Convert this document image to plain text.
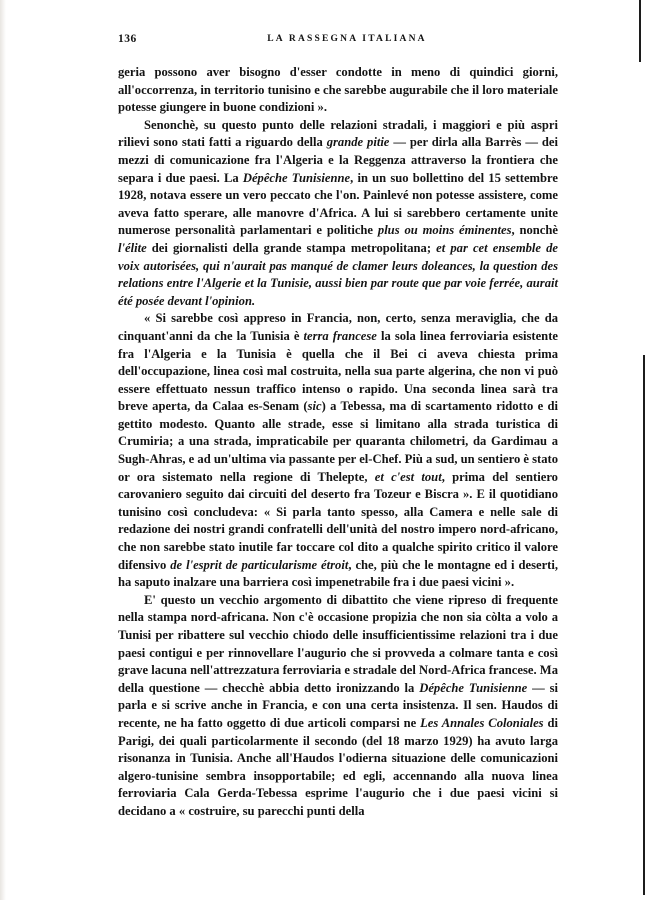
136	LA RASSEGNA ITALIANA

geria possono aver bisogno d'esser condotte in meno di quindici giorni, all'occorrenza, in territorio tunisino e che sarebbe augurabile che il loro materiale potesse giungere in buone condizioni ».

Senonchè, su questo punto delle relazioni stradali, i maggiori e più aspri rilievi sono stati fatti a riguardo della grande pitie — per dirla alla Barrès — dei mezzi di comunicazione fra l'Algeria e la Reggenza attraverso la frontiera che separa i due paesi. La Dépêche Tunisienne, in un suo bollettino del 15 settembre 1928, notava essere un vero peccato che l'on. Painlevé non potesse assistere, come aveva fatto sperare, alle manovre d'Africa. A lui si sarebbero certamente unite numerose personalità parlamentari e politiche plus ou moins éminentes, nonchè l'élite dei giornalisti della grande stampa metropolitana; et par cet ensemble de voix autorisées, qui n'aurait pas manqué de clamer leurs doleances, la question des relations entre l'Algerie et la Tunisie, aussi bien par route que par voie ferrée, aurait été posée devant l'opinion.

« Si sarebbe così appreso in Francia, non, certo, senza meraviglia, che da cinquant'anni da che la Tunisia è terra francese la sola linea ferroviaria esistente fra l'Algeria e la Tunisia è quella che il Bei ci aveva chiesta prima dell'occupazione, linea così mal costruita, nella sua parte algerina, che non vi può essere effettuato nessun traffico intenso o rapido. Una seconda linea sarà tra breve aperta, da Calaa es-Senam (sic) a Tebessa, ma di scartamento ridotto e di gettito modesto. Quanto alle strade, esse si limitano alla strada turistica di Crumiria; a una strada, impraticabile per quaranta chilometri, da Gardimau a Sugh-Ahras, e ad un'ultima via passante per el-Chef. Più a sud, un sentiero è stato or ora sistemato nella regione di Thelepte, et c'est tout, prima del sentiero carovaniero seguito dai circuiti del deserto fra Tozeur e Biscra ». E il quotidiano tunisino così concludeva: « Si parla tanto spesso, alla Camera e nelle sale di redazione dei nostri grandi confratelli dell'unità del nostro impero nord-africano, che non sarebbe stato inutile far toccare col dito a qualche spirito critico il valore difensivo de l'esprit de particularisme étroit, che, più che le montagne ed i deserti, ha saputo inalzare una barriera così impenetrabile fra i due paesi vicini ».

E' questo un vecchio argomento di dibattito che viene ripreso di frequente nella stampa nord-africana. Non c'è occasione propizia che non sia còlta a volo a Tunisi per ribattere sul vecchio chiodo delle insufficientissime relazioni tra i due paesi contigui e per rinnovellare l'augurio che si provveda a colmare tanta e così grave lacuna nell'attrezzatura ferroviaria e stradale del Nord-Africa francese. Ma della questione — checchè abbia detto ironizzando la Dépêche Tunisienne — si parla e si scrive anche in Francia, e con una certa insistenza. Il sen. Haudos di recente, ne ha fatto oggetto di due articoli comparsi ne Les Annales Coloniales di Parigi, dei quali particolarmente il secondo (del 18 marzo 1929) ha avuto larga risonanza in Tunisia. Anche all'Haudos l'odierna situazione delle comunicazioni algero-tunisine sembra insopportabile; ed egli, accennando alla nuova linea ferroviaria Cala Gerda-Tebessa esprime l'augurio che i due paesi vicini si decidano a « costruire, su parecchi punti della
